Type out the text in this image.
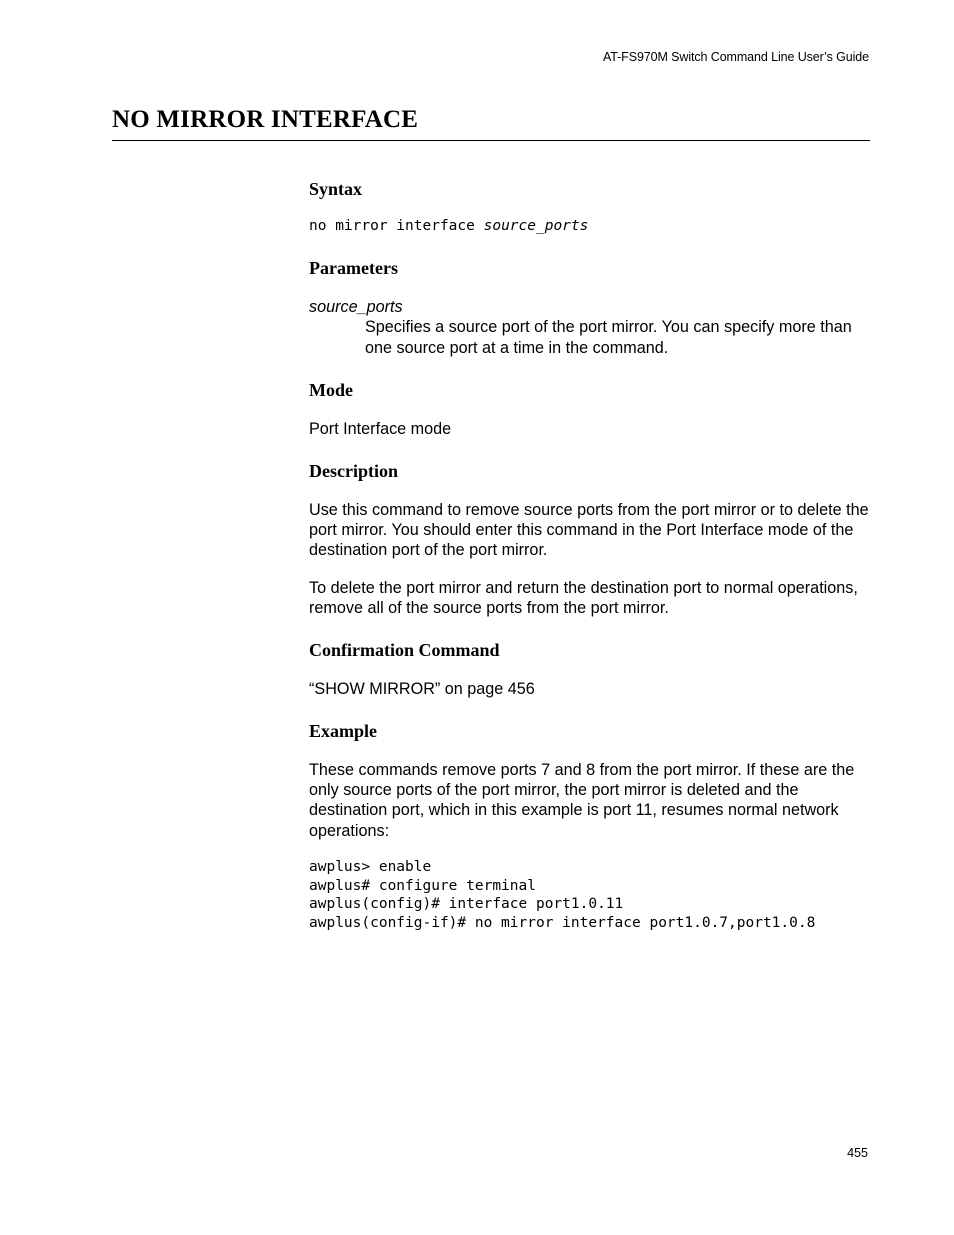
AT-FS970M Switch Command Line User’s Guide
NO MIRROR INTERFACE
Syntax
no mirror interface source_ports
Parameters
source_ports

Specifies a source port of the port mirror. You can specify more than one source port at a time in the command.

Mode

Port Interface mode

Description

Use this command to remove source ports from the port mirror or to delete the port mirror. You should enter this command in the Port Interface mode of the destination port of the port mirror.

To delete the port mirror and return the destination port to normal operations, remove all of the source ports from the port mirror.

Confirmation Command

“SHOW MIRROR” on page 456

Example

These commands remove ports 7 and 8 from the port mirror. If these are the only source ports of the port mirror, the port mirror is deleted and the destination port, which in this example is port 11, resumes normal network operations:

awplus> enable
awplus# configure terminal
awplus(config)# interface port1.0.11
awplus(config-if)# no mirror interface port1.0.7,port1.0.8
455
